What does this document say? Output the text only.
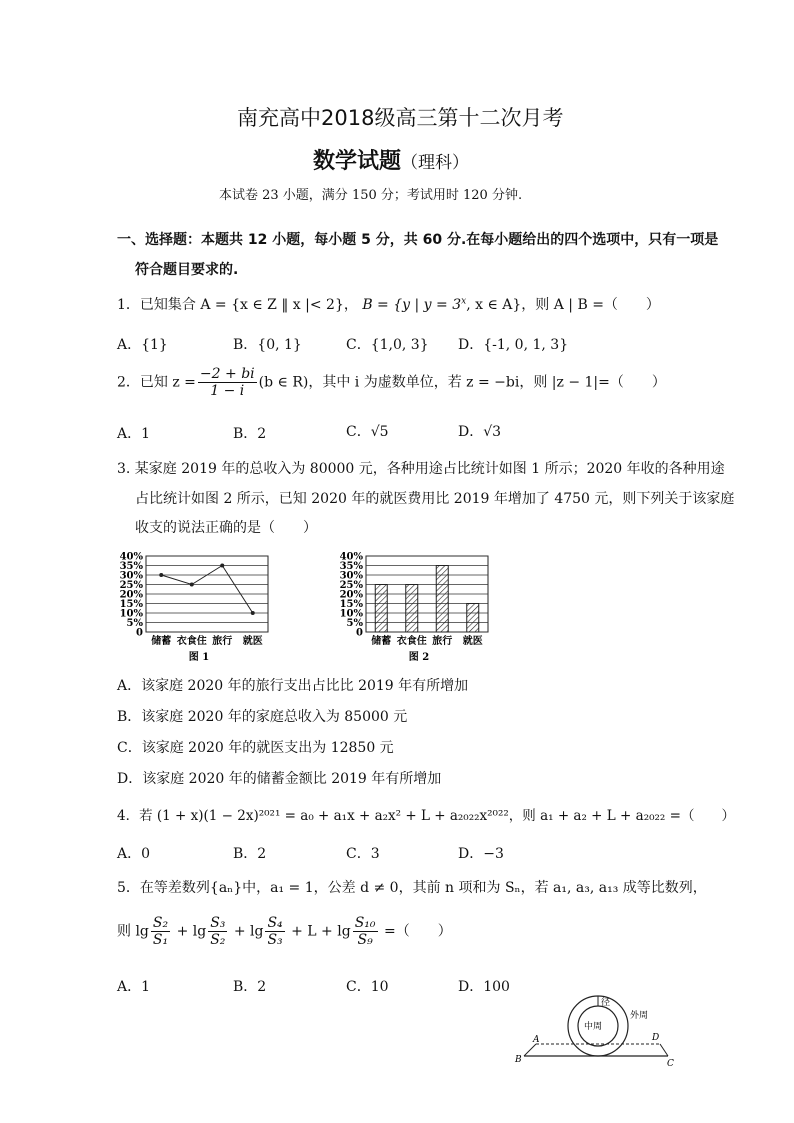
南充高中2018级高三第十二次月考
数学试题（理科）
本试卷 23 小题，满分 150 分；考试用时 120 分钟.
一、选择题：本题共 12 小题，每小题 5 分，共 60 分.在每小题给出的四个选项中，只有一项是
符合题目要求的.
1．已知集合 A = {x ∈ Z ‖ x |< 2}， B = {y | $y = 3^x$, x ∈ A}，则 A | B =（　　）
A．{1}	B．{0, 1}	C．{1,0, 3} D．{-1, 0, 1, 3}
2．已知 $z = \frac{-2 + bi}{1 - i} (b$ ∈ R)，其中 i 为虚数单位，若 z = −bi，则 |z − 1|=（　　）
A．1	B．2	C．√5	D．√3
3. 某家庭 2019 年的总收入为 80000 元，各种用途占比统计如图 1 所示；2020 年收的各种用途
占比统计如图 2 所示，已知 2020 年的就医费用比 2019 年增加了 4750 元，则下列关于该家庭
收支的说法正确的是（　　）
40%
35%
30%
25%
20%
15%
10%
5%
0
储蓄 衣食住 旅行 就医
图 1
40%
35%
30%
25%
20%
15%
10%
5%
0
储蓄 衣食住 旅行 就医
图 2
A．该家庭 2020 年的旅行支出占比比 2019 年有所增加
B．该家庭 2020 年的家庭总收入为 85000 元
C．该家庭 2020 年的就医支出为 12850 元
D．该家庭 2020 年的储蓄金额比 2019 年有所增加
4．若 (1 + x)(1 − 2x)²⁰²¹ = a₀ + a₁x + a₂x² + L + a₂₀₂₂x²⁰²²，则 a₁ + a₂ + L + a₂₀₂₂ =（　　）
A．0	B．2	C．3	D．−3
5．在等差数列{aₙ}中，a₁ = 1，公差 d ≠ 0，其前 n 项和为 Sₙ，若 a₁, a₃, a₁₃ 成等比数列，
则 $\lg \frac{\text{S₂}}{\text{S₁}} + \lg \frac{\text{S₃}}{\text{S₂}} + \lg \frac{\text{S₄}}{\text{S₃}} + L + \lg \frac{\text{S₁₀}}{\text{S₉}}$ =（　　）
A．1	B．2	C．10	D．100
径
外周
中周
A
B	C
D
